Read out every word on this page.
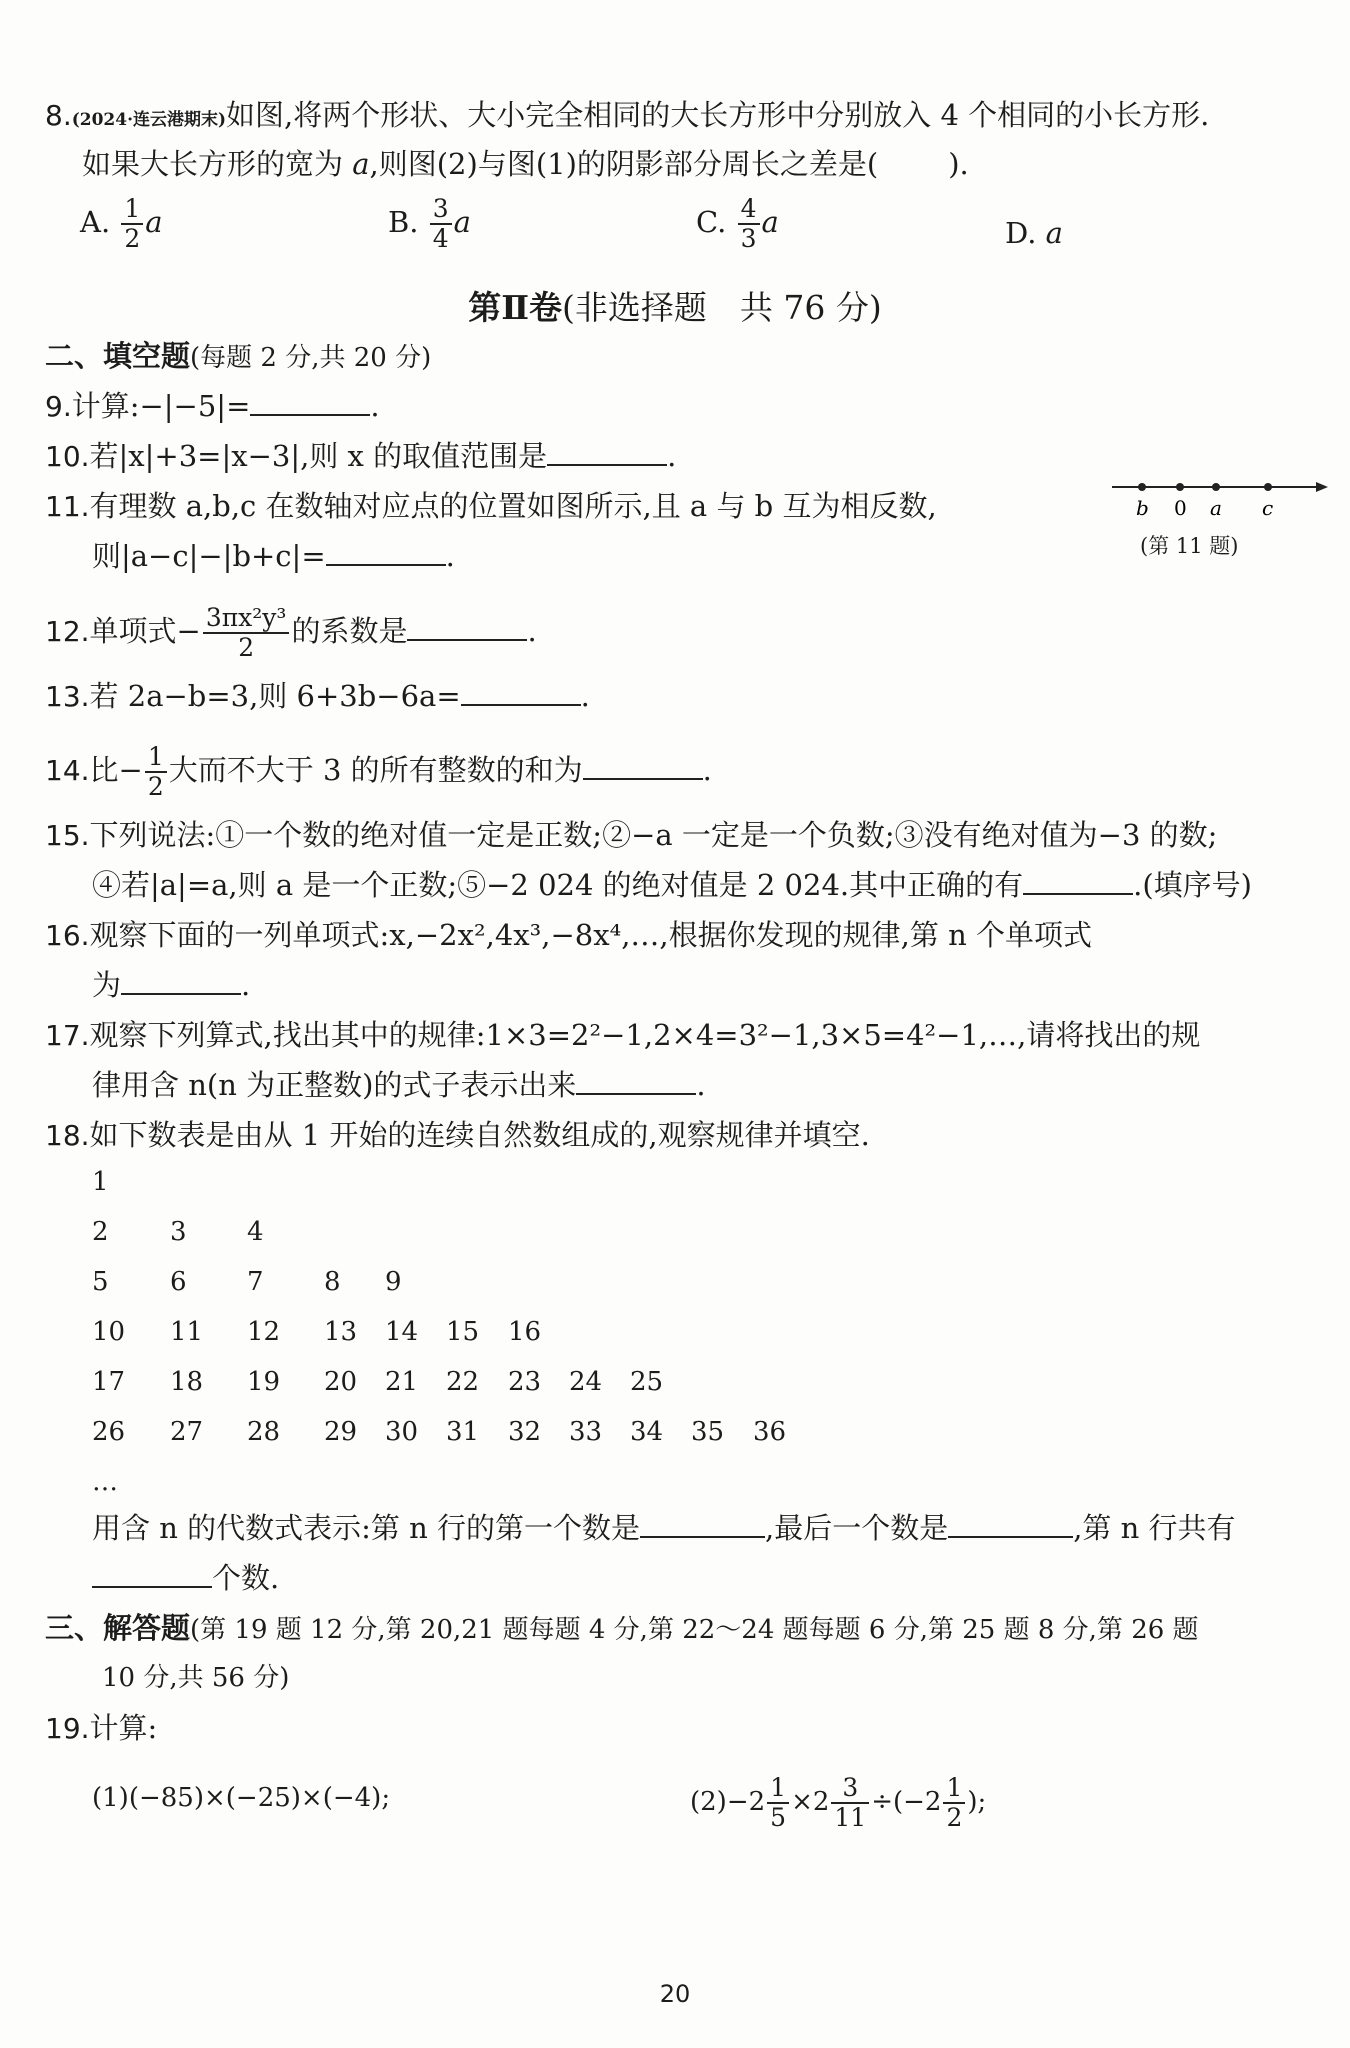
8.(2024·连云港期末)如图,将两个形状、大小完全相同的大长方形中分别放入 4 个相同的小长方形.
如果大长方形的宽为 a,则图(2)与图(1)的阴影部分周长之差是( ).
A. $\frac{1}{2}$ a	B. $\frac{3}{4}$ a	C. $\frac{4}{3}$ a	D. a
第Ⅱ卷(非选择题　共 76 分)
二、填空题(每题 2 分,共 20 分)
9.计算:−|−5|=	.
10.若|x|+3=|x−3|,则 x 的取值范围是	.
11.有理数 a,b,c 在数轴对应点的位置如图所示,且 a 与 b 互为相反数,
则|a−c|−|b+c|=	.
b 0 a c
(第 11 题)
12.单项式− $\frac{\text{3πx²y³}}{2}$ 的系数是	.
13.若 2a−b=3,则 6+3b−6a=	.
14.比− $\frac{1}{2}$ 大而不大于 3 的所有整数的和为	.
15.下列说法:①一个数的绝对值一定是正数;②−a 一定是一个负数;③没有绝对值为−3 的数;
④若|a|=a,则 a 是一个正数;⑤−2 024 的绝对值是 2 024.其中正确的有	.(填序号)
16.观察下面的一列单项式:x,−2x²,4x³,−8x⁴,…,根据你发现的规律,第 n 个单项式
为	.
17.观察下列算式,找出其中的规律:1×3=2²−1,2×4=3²−1,3×5=4²−1,…,请将找出的规
律用含 n(n 为正整数)的式子表示出来	.
18.如下数表是由从 1 开始的连续自然数组成的,观察规律并填空.
1
2 3 4
5 6 7 8 9
10 11 12 13 14 15 16
17 18 19 20 21 22 23 24 25
26 27 28 29 30 31 32 33 34 35 36
…
用含 n 的代数式表示:第 n 行的第一个数是	,最后一个数是	,第 n 行共有
个数.
三、解答题(第 19 题 12 分,第 20,21 题每题 4 分,第 22～24 题每题 6 分,第 25 题 8 分,第 26 题
10 分,共 56 分)
19.计算:
(1)(−85)×(−25)×(−4);	$(2)-2 \frac{1}{5} \times 2 \frac{3}{11} \div(-2 \frac{1}{2}$ );
20
